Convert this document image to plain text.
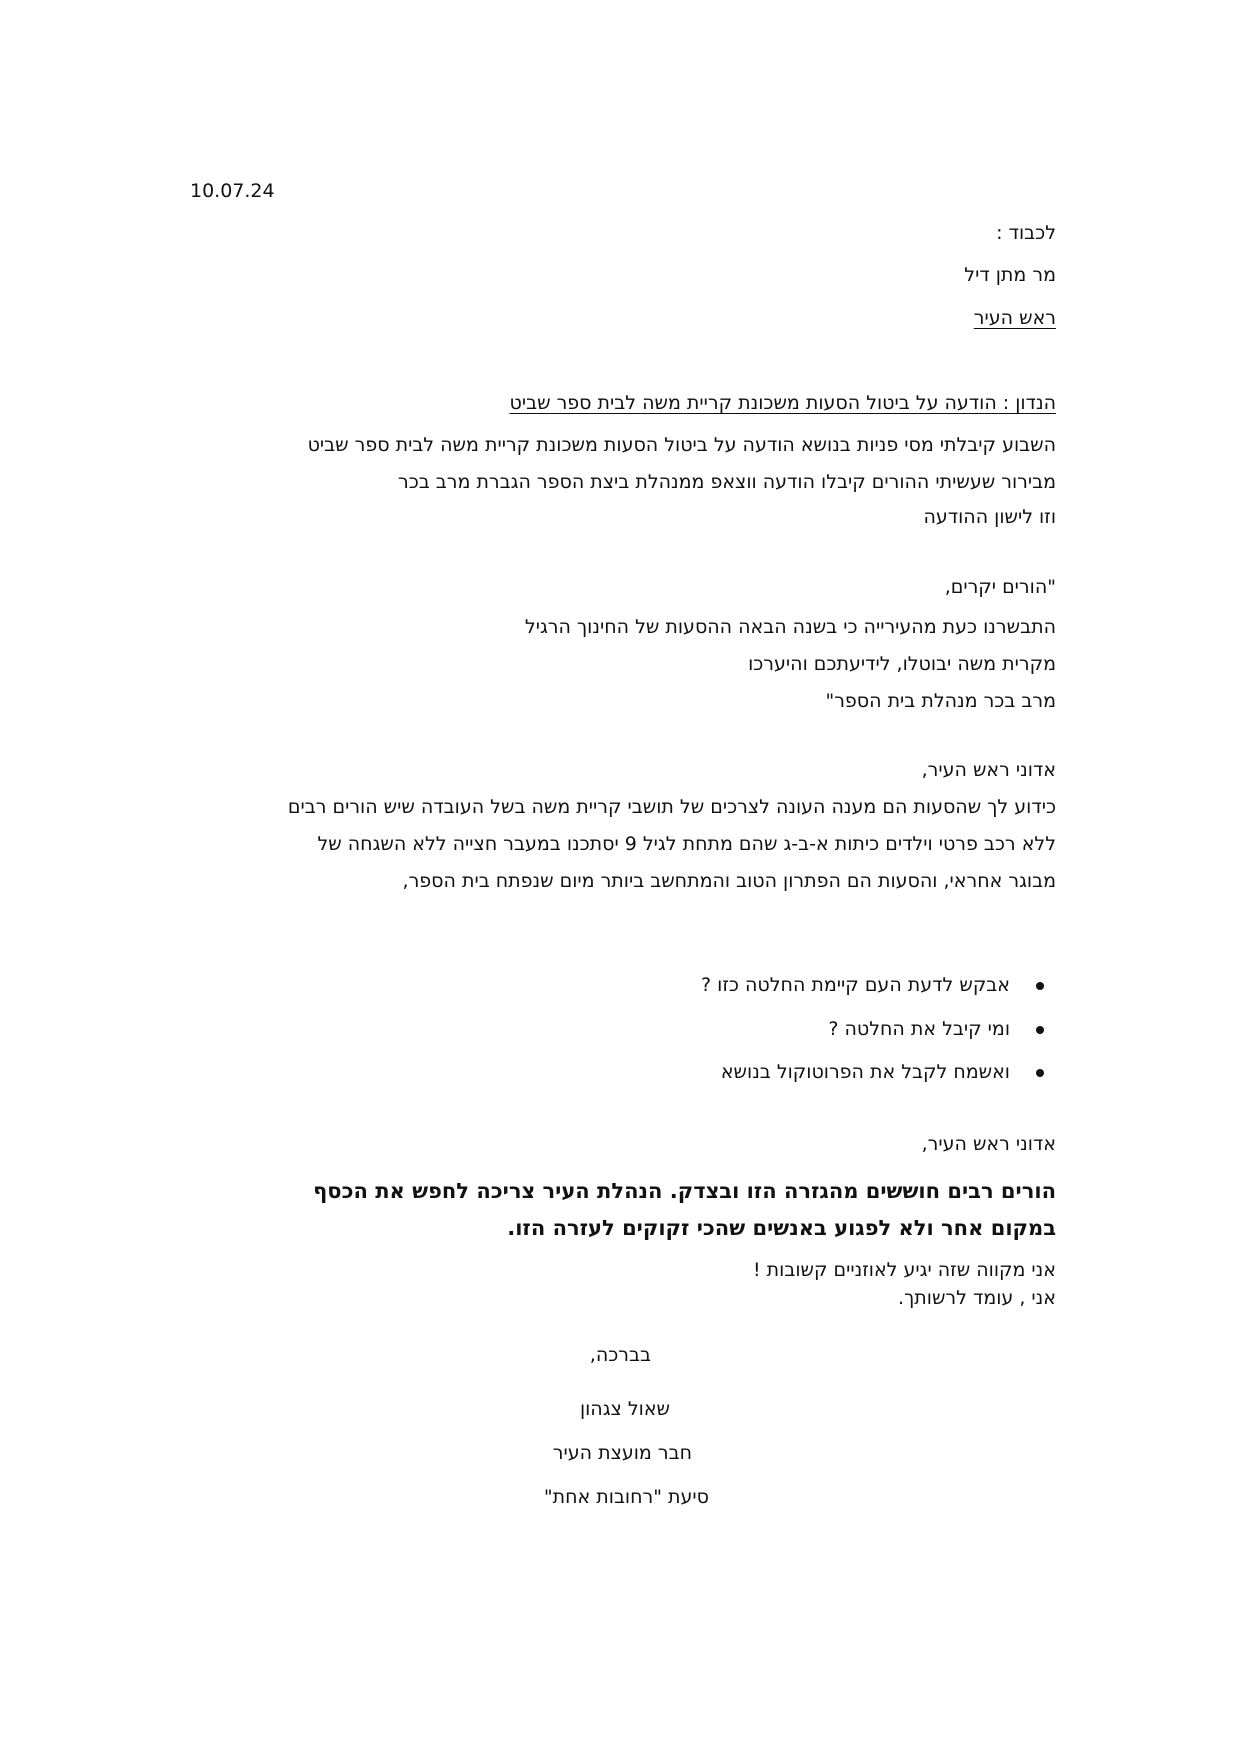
10.07.24
לכבוד :
מר מתן דיל
ראש העיר
הנדון : הודעה על ביטול הסעות משכונת קריית משה לבית ספר שביט
השבוע קיבלתי מסי פניות בנושא הודעה על ביטול הסעות משכונת קריית משה לבית ספר שביט
מבירור שעשיתי ההורים קיבלו הודעה ווצאפ ממנהלת ביצת הספר הגברת מרב בכר
וזו לישון ההודעה
"הורים יקרים,
התבשרנו כעת מהעירייה כי בשנה הבאה ההסעות של החינוך הרגיל
מקרית משה יבוטלו, לידיעתכם והיערכו
מרב בכר מנהלת בית הספר"
אדוני ראש העיר,
כידוע לך שהסעות הם מענה העונה לצרכים של תושבי קריית משה בשל העובדה שיש הורים רבים
ללא רכב פרטי וילדים כיתות א-ב-ג שהם מתחת לגיל 9 יסתכנו במעבר חצייה ללא השגחה של
מבוגר אחראי, והסעות הם הפתרון הטוב והמתחשב ביותר מיום שנפתח בית הספר,
אבקש לדעת העם קיימת החלטה כזו ?
ומי קיבל את החלטה ?
ואשמח לקבל את הפרוטוקול בנושא
אדוני ראש העיר,
הורים רבים חוששים מהגזרה הזו ובצדק. הנהלת העיר צריכה לחפש את הכסף
במקום אחר ולא לפגוע באנשים שהכי זקוקים לעזרה הזו.
אני מקווה שזה יגיע לאוזניים קשובות !
אני , עומד לרשותך.
בברכה,
שאול צגהון
חבר מועצת העיר
סיעת "רחובות אחת"
